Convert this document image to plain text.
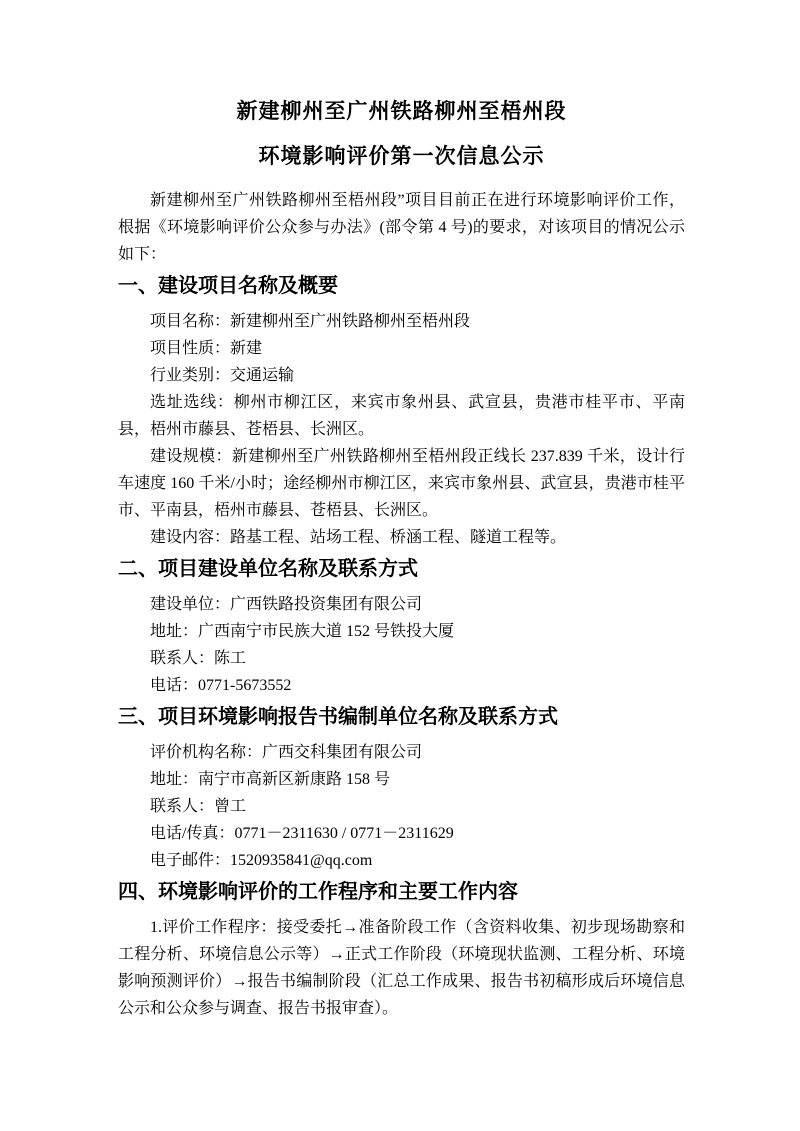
新建柳州至广州铁路柳州至梧州段
环境影响评价第一次信息公示

新建柳州至广州铁路柳州至梧州段”项目目前正在进行环境影响评价工作，根据《环境影响评价公众参与办法》(部令第 4 号)的要求，对该项目的情况公示如下：

一、建设项目名称及概要

项目名称：新建柳州至广州铁路柳州至梧州段

项目性质：新建

行业类别：交通运输

选址选线：柳州市柳江区，来宾市象州县、武宣县，贵港市桂平市、平南县，梧州市藤县、苍梧县、长洲区。

建设规模：新建柳州至广州铁路柳州至梧州段正线长 237.839 千米，设计行车速度 160 千米/小时；途经柳州市柳江区，来宾市象州县、武宣县，贵港市桂平市、平南县，梧州市藤县、苍梧县、长洲区。

建设内容：路基工程、站场工程、桥涵工程、隧道工程等。

二、项目建设单位名称及联系方式

建设单位：广西铁路投资集团有限公司

地址：广西南宁市民族大道 152 号铁投大厦

联系人：陈工

电话：0771-5673552

三、项目环境影响报告书编制单位名称及联系方式

评价机构名称：广西交科集团有限公司

地址：南宁市高新区新康路 158 号

联系人：曾工

电话/传真：0771－2311630 / 0771－2311629

电子邮件：1520935841@qq.com

四、环境影响评价的工作程序和主要工作内容

1.评价工作程序：接受委托→准备阶段工作（含资料收集、初步现场勘察和工程分析、环境信息公示等）→正式工作阶段（环境现状监测、工程分析、环境影响预测评价）→报告书编制阶段（汇总工作成果、报告书初稿形成后环境信息公示和公众参与调查、报告书报审查）。
